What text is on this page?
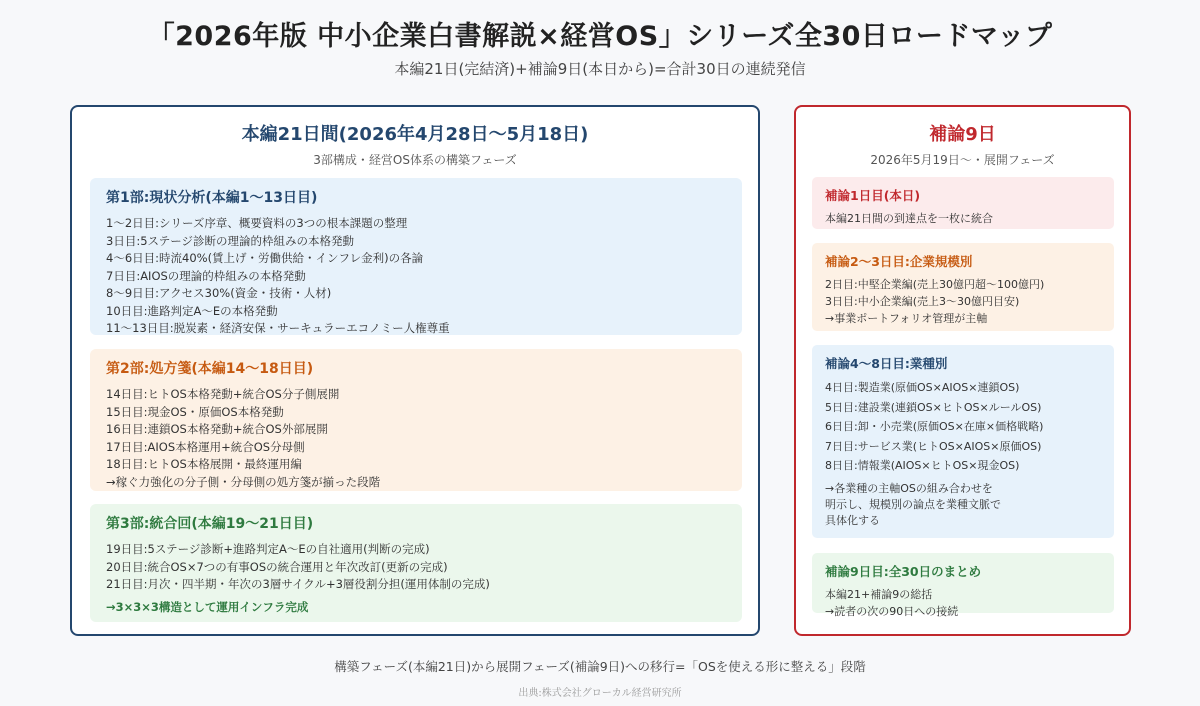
「2026年版 中小企業白書解説×経営OS」シリーズ全30日ロードマップ
本編21日(完結済)+補論9日(本日から)=合計30日の連続発信
本編21日間(2026年4月28日〜5月18日)
3部構成・経営OS体系の構築フェーズ
第1部:現状分析(本編1〜13日目)
1〜2日目:シリーズ序章、概要資料の3つの根本課題の整理
3日目:5ステージ診断の理論的枠組みの本格発動
4〜6日目:時流40%(賃上げ・労働供給・インフレ金利)の各論
7日目:AIOSの理論的枠組みの本格発動
8〜9日目:アクセス30%(資金・技術・人材)
10日目:進路判定A〜Eの本格発動
11〜13日目:脱炭素・経済安保・サーキュラーエコノミー人権尊重
第2部:処方箋(本編14〜18日目)
14日目:ヒトOS本格発動+統合OS分子側展開
15日目:現金OS・原価OS本格発動
16日目:連鎖OS本格発動+統合OS外部展開
17日目:AIOS本格運用+統合OS分母側
18日目:ヒトOS本格展開・最終運用編
→稼ぐ力強化の分子側・分母側の処方箋が揃った段階
第3部:統合回(本編19〜21日目)
19日目:5ステージ診断+進路判定A〜Eの自社適用(判断の完成)
20日目:統合OS×7つの有事OSの統合運用と年次改訂(更新の完成)
21日目:月次・四半期・年次の3層サイクル+3層役割分担(運用体制の完成)
→3×3×3構造として運用インフラ完成
補論9日
2026年5月19日〜・展開フェーズ
補論1日目(本日)
本編21日間の到達点を一枚に統合
補論2〜3日目:企業規模別
2日目:中堅企業編(売上30億円超〜100億円)
3日目:中小企業編(売上3〜30億円目安)
→事業ポートフォリオ管理が主軸
補論4〜8日目:業種別
4日目:製造業(原価OS×AIOS×連鎖OS)
5日目:建設業(連鎖OS×ヒトOS×ルールOS)
6日目:卸・小売業(原価OS×在庫×価格戦略)
7日目:サービス業(ヒトOS×AIOS×原価OS)
8日目:情報業(AIOS×ヒトOS×現金OS)
→各業種の主軸OSの組み合わせを
明示し、規模別の論点を業種文脈で
具体化する
補論9日目:全30日のまとめ
本編21+補論9の総括
→読者の次の90日への接続
構築フェーズ(本編21日)から展開フェーズ(補論9日)への移行=「OSを使える形に整える」段階
出典:株式会社グローカル経営研究所
